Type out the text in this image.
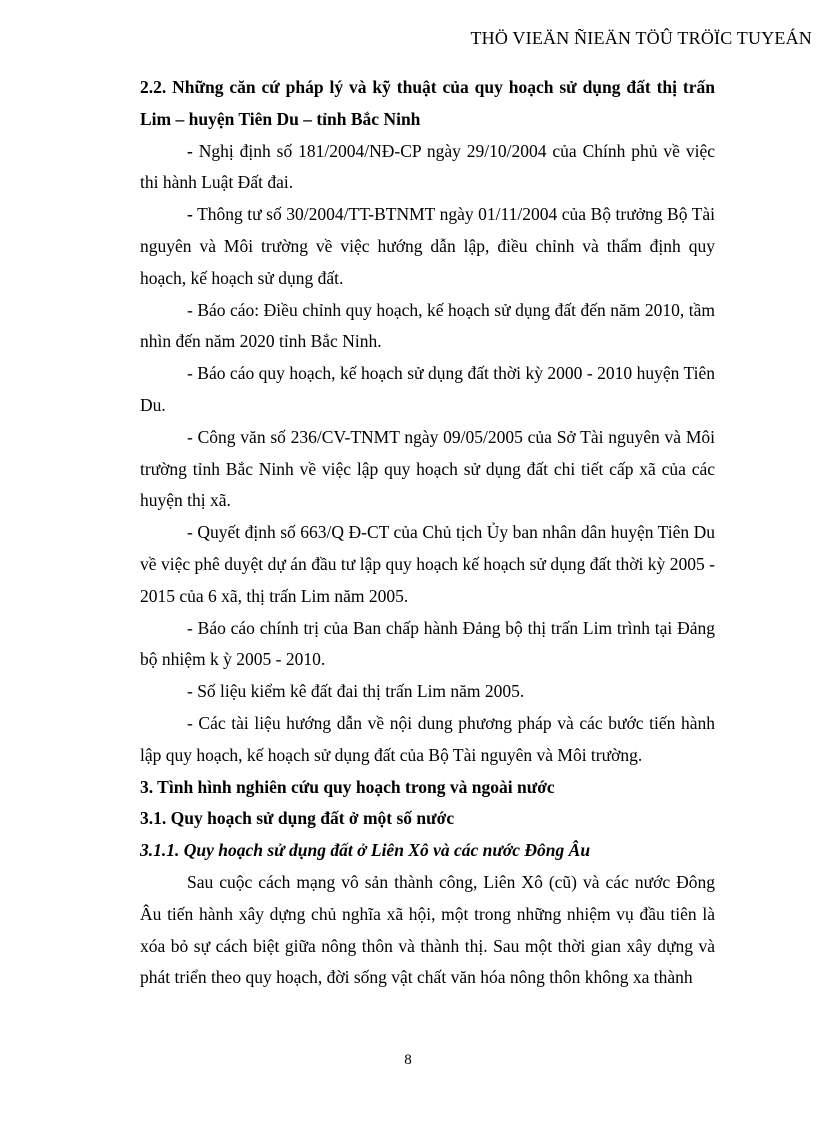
THÖ VIEÄN ÑIEÄN TÖÛ TRÖÏC TUYEÁN

2.2. Những căn cứ pháp lý và kỹ thuật của quy hoạch sử dụng đất thị trấn Lim – huyện Tiên Du – tỉnh Bắc Ninh

- Nghị định số 181/2004/NĐ-CP ngày 29/10/2004 của Chính phủ về việc thi hành Luật Đất đai.

- Thông tư số 30/2004/TT-BTNMT ngày 01/11/2004 của Bộ trưởng Bộ Tài nguyên và Môi trường về việc hướng dẫn lập, điều chỉnh và thẩm định quy hoạch, kế hoạch sử dụng đất.

- Báo cáo: Điều chỉnh quy hoạch, kế hoạch sử dụng đất đến năm 2010, tầm nhìn đến năm 2020 tỉnh Bắc Ninh.

- Báo cáo quy hoạch, kế hoạch sử dụng đất thời kỳ 2000 - 2010 huyện Tiên Du.

- Công văn số 236/CV-TNMT ngày 09/05/2005 của Sở Tài nguyên và Môi trường tỉnh Bắc Ninh về việc lập quy hoạch sử dụng đất chi tiết cấp xã của các huyện thị xã.

- Quyết định số 663/Q Đ-CT của Chủ tịch Ủy ban nhân dân huyện Tiên Du về việc phê duyệt dự án đầu tư lập quy hoạch kế hoạch sử dụng đất thời kỳ 2005 - 2015 của 6 xã, thị trấn Lim năm 2005.

- Báo cáo chính trị của Ban chấp hành Đảng bộ thị trấn Lim trình tại Đảng bộ nhiệm k ỳ 2005 - 2010.

- Số liệu kiểm kê đất đai thị trấn Lim năm 2005.

- Các tài liệu hướng dẫn về nội dung phương pháp và các bước tiến hành lập quy hoạch, kế hoạch sử dụng đất của Bộ Tài nguyên và Môi trường.

3. Tình hình nghiên cứu quy hoạch trong và ngoài nước

3.1. Quy hoạch sử dụng đất ở một số nước

3.1.1. Quy hoạch sử dụng đất ở Liên Xô và các nước Đông Âu

Sau cuộc cách mạng vô sản thành công, Liên Xô (cũ) và các nước Đông Âu tiến hành xây dựng chủ nghĩa xã hội, một trong những nhiệm vụ đầu tiên là xóa bỏ sự cách biệt giữa nông thôn và thành thị. Sau một thời gian xây dựng và phát triển theo quy hoạch, đời sống vật chất văn hóa nông thôn không xa thành

8
